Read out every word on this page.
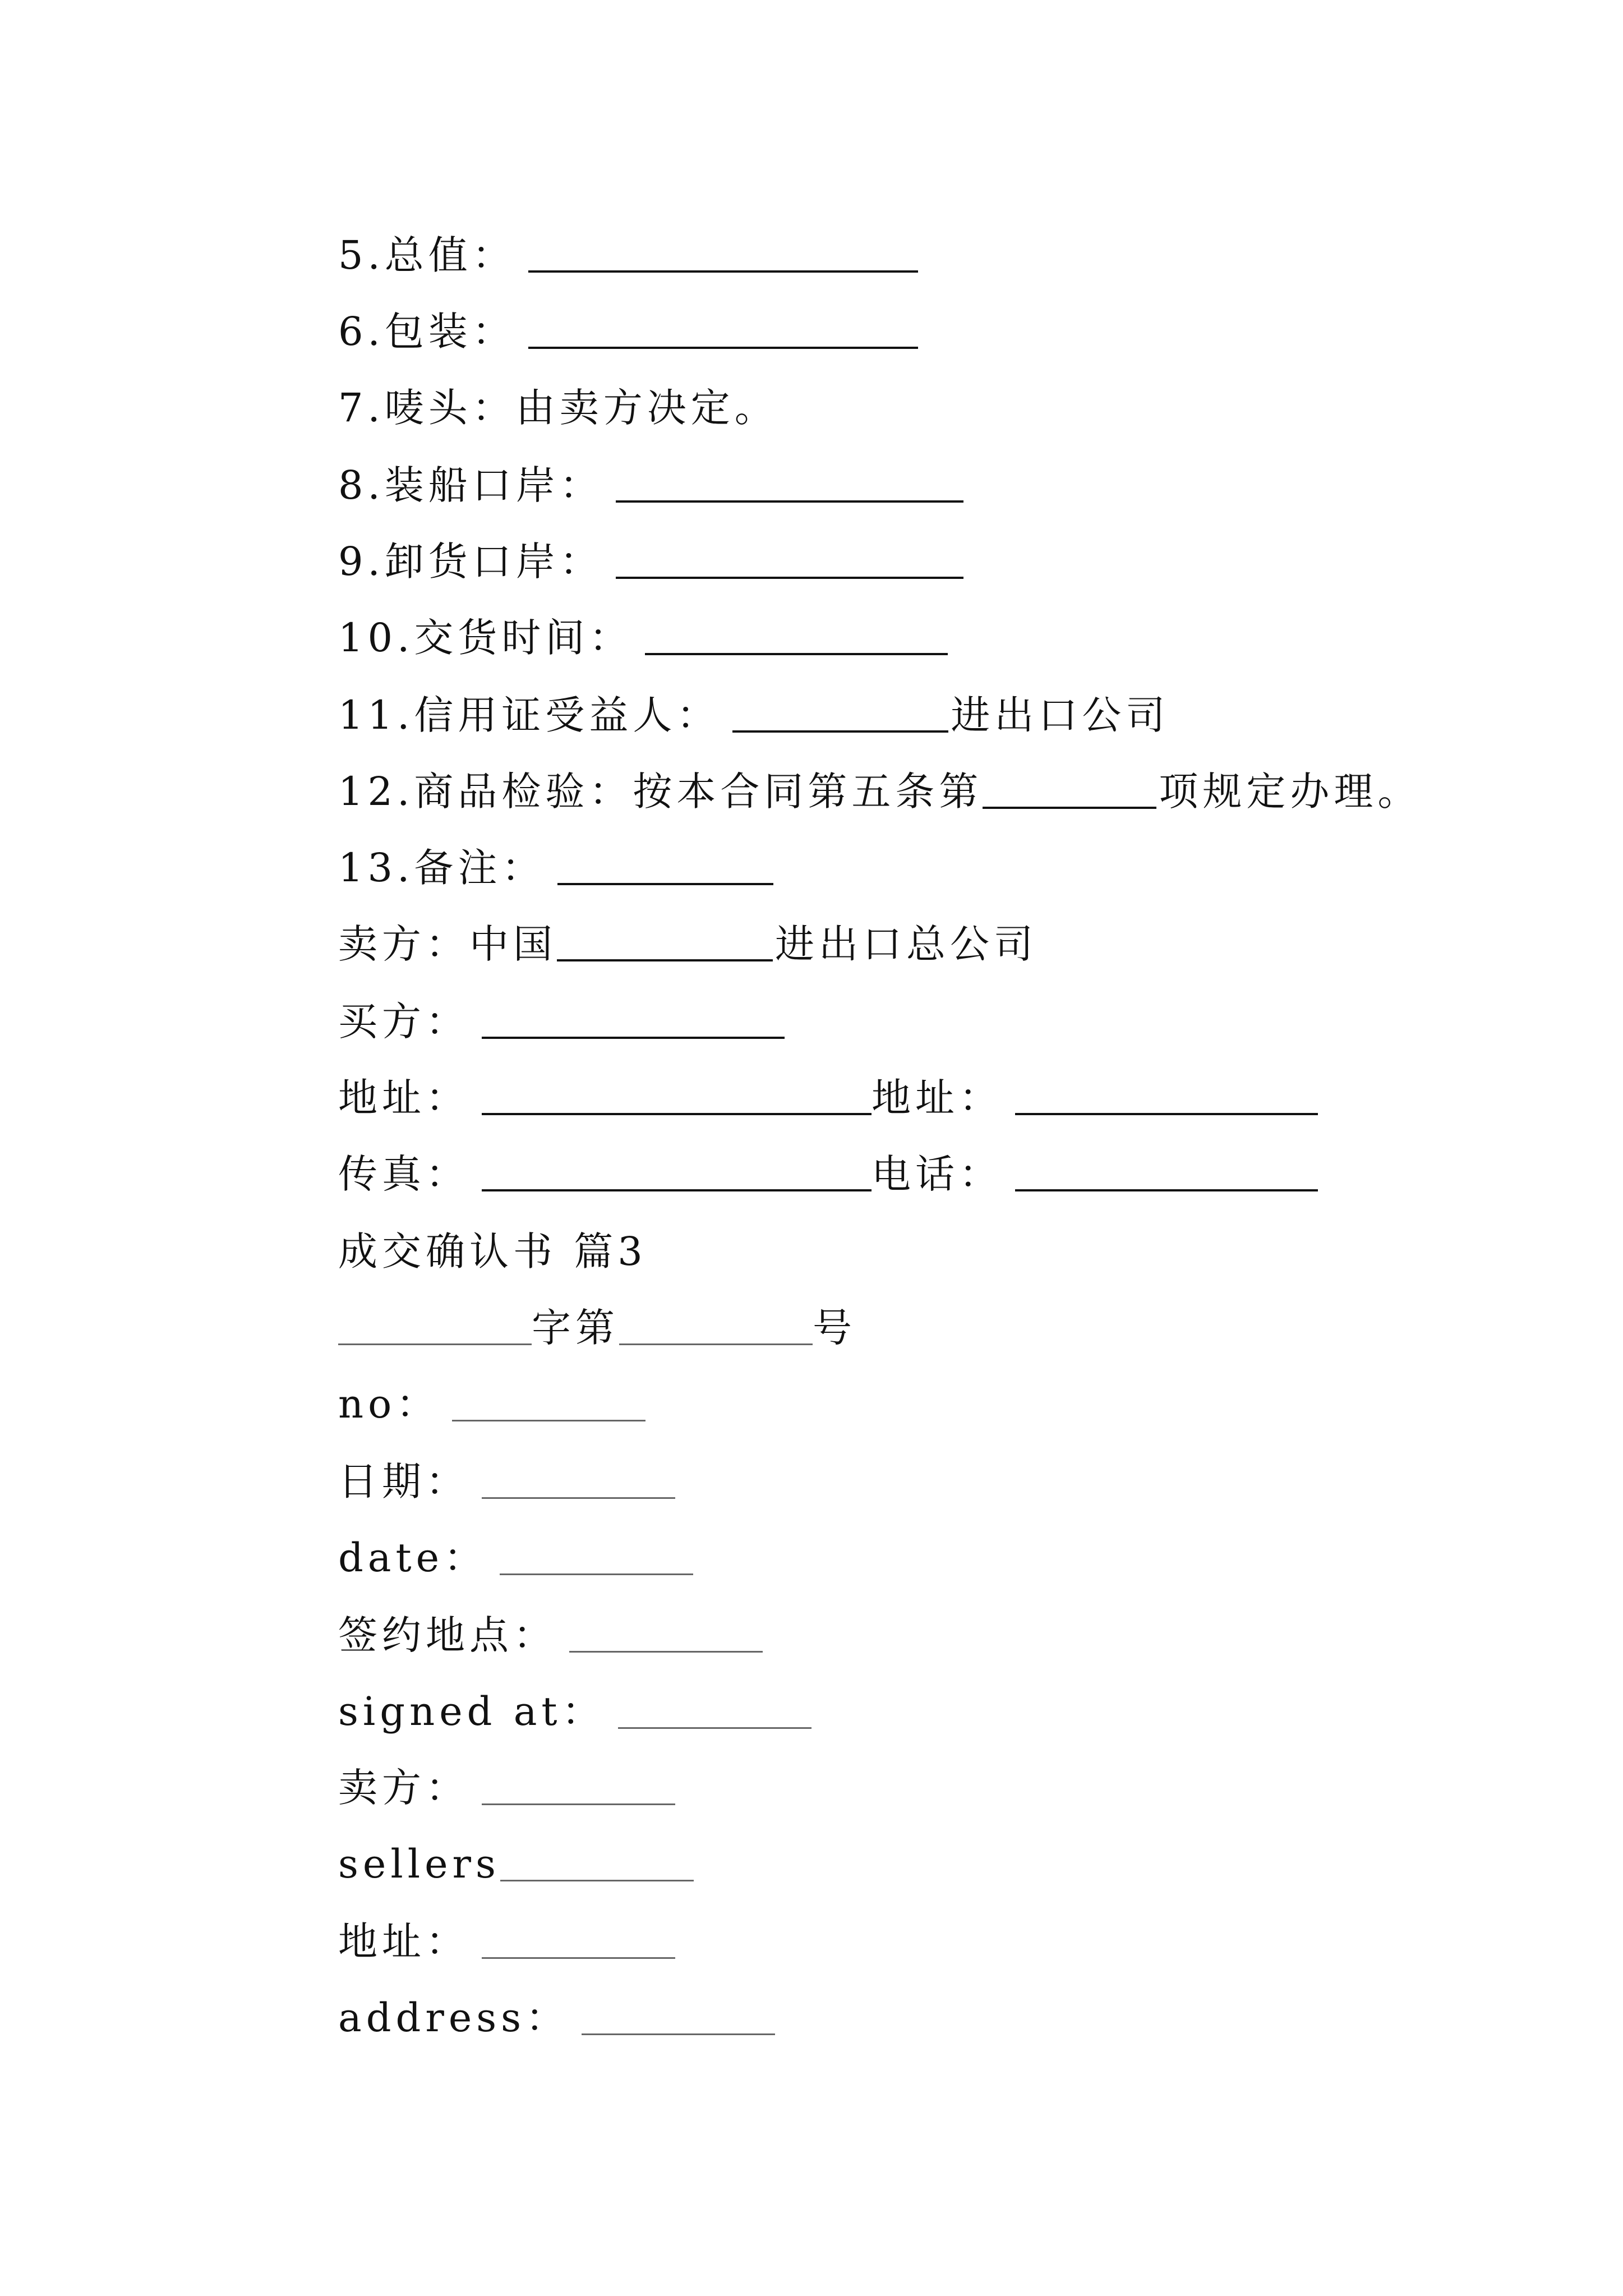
5.总值：
6.包装：
7.唛头：由卖方决定。
8.装船口岸：
9.卸货口岸：
10.交货时间：
11.信用证受益人：	进出口公司
12.商品检验：按本合同第五条第	项规定办理。
13.备注：
卖方：中国	进出口总公司
买方：
地址：	地址：
传真：	电话：
成交确认书 篇3
字第	号
no：
日期：
date：
签约地点：
signed at：
卖方：
sellers
地址：
address：
